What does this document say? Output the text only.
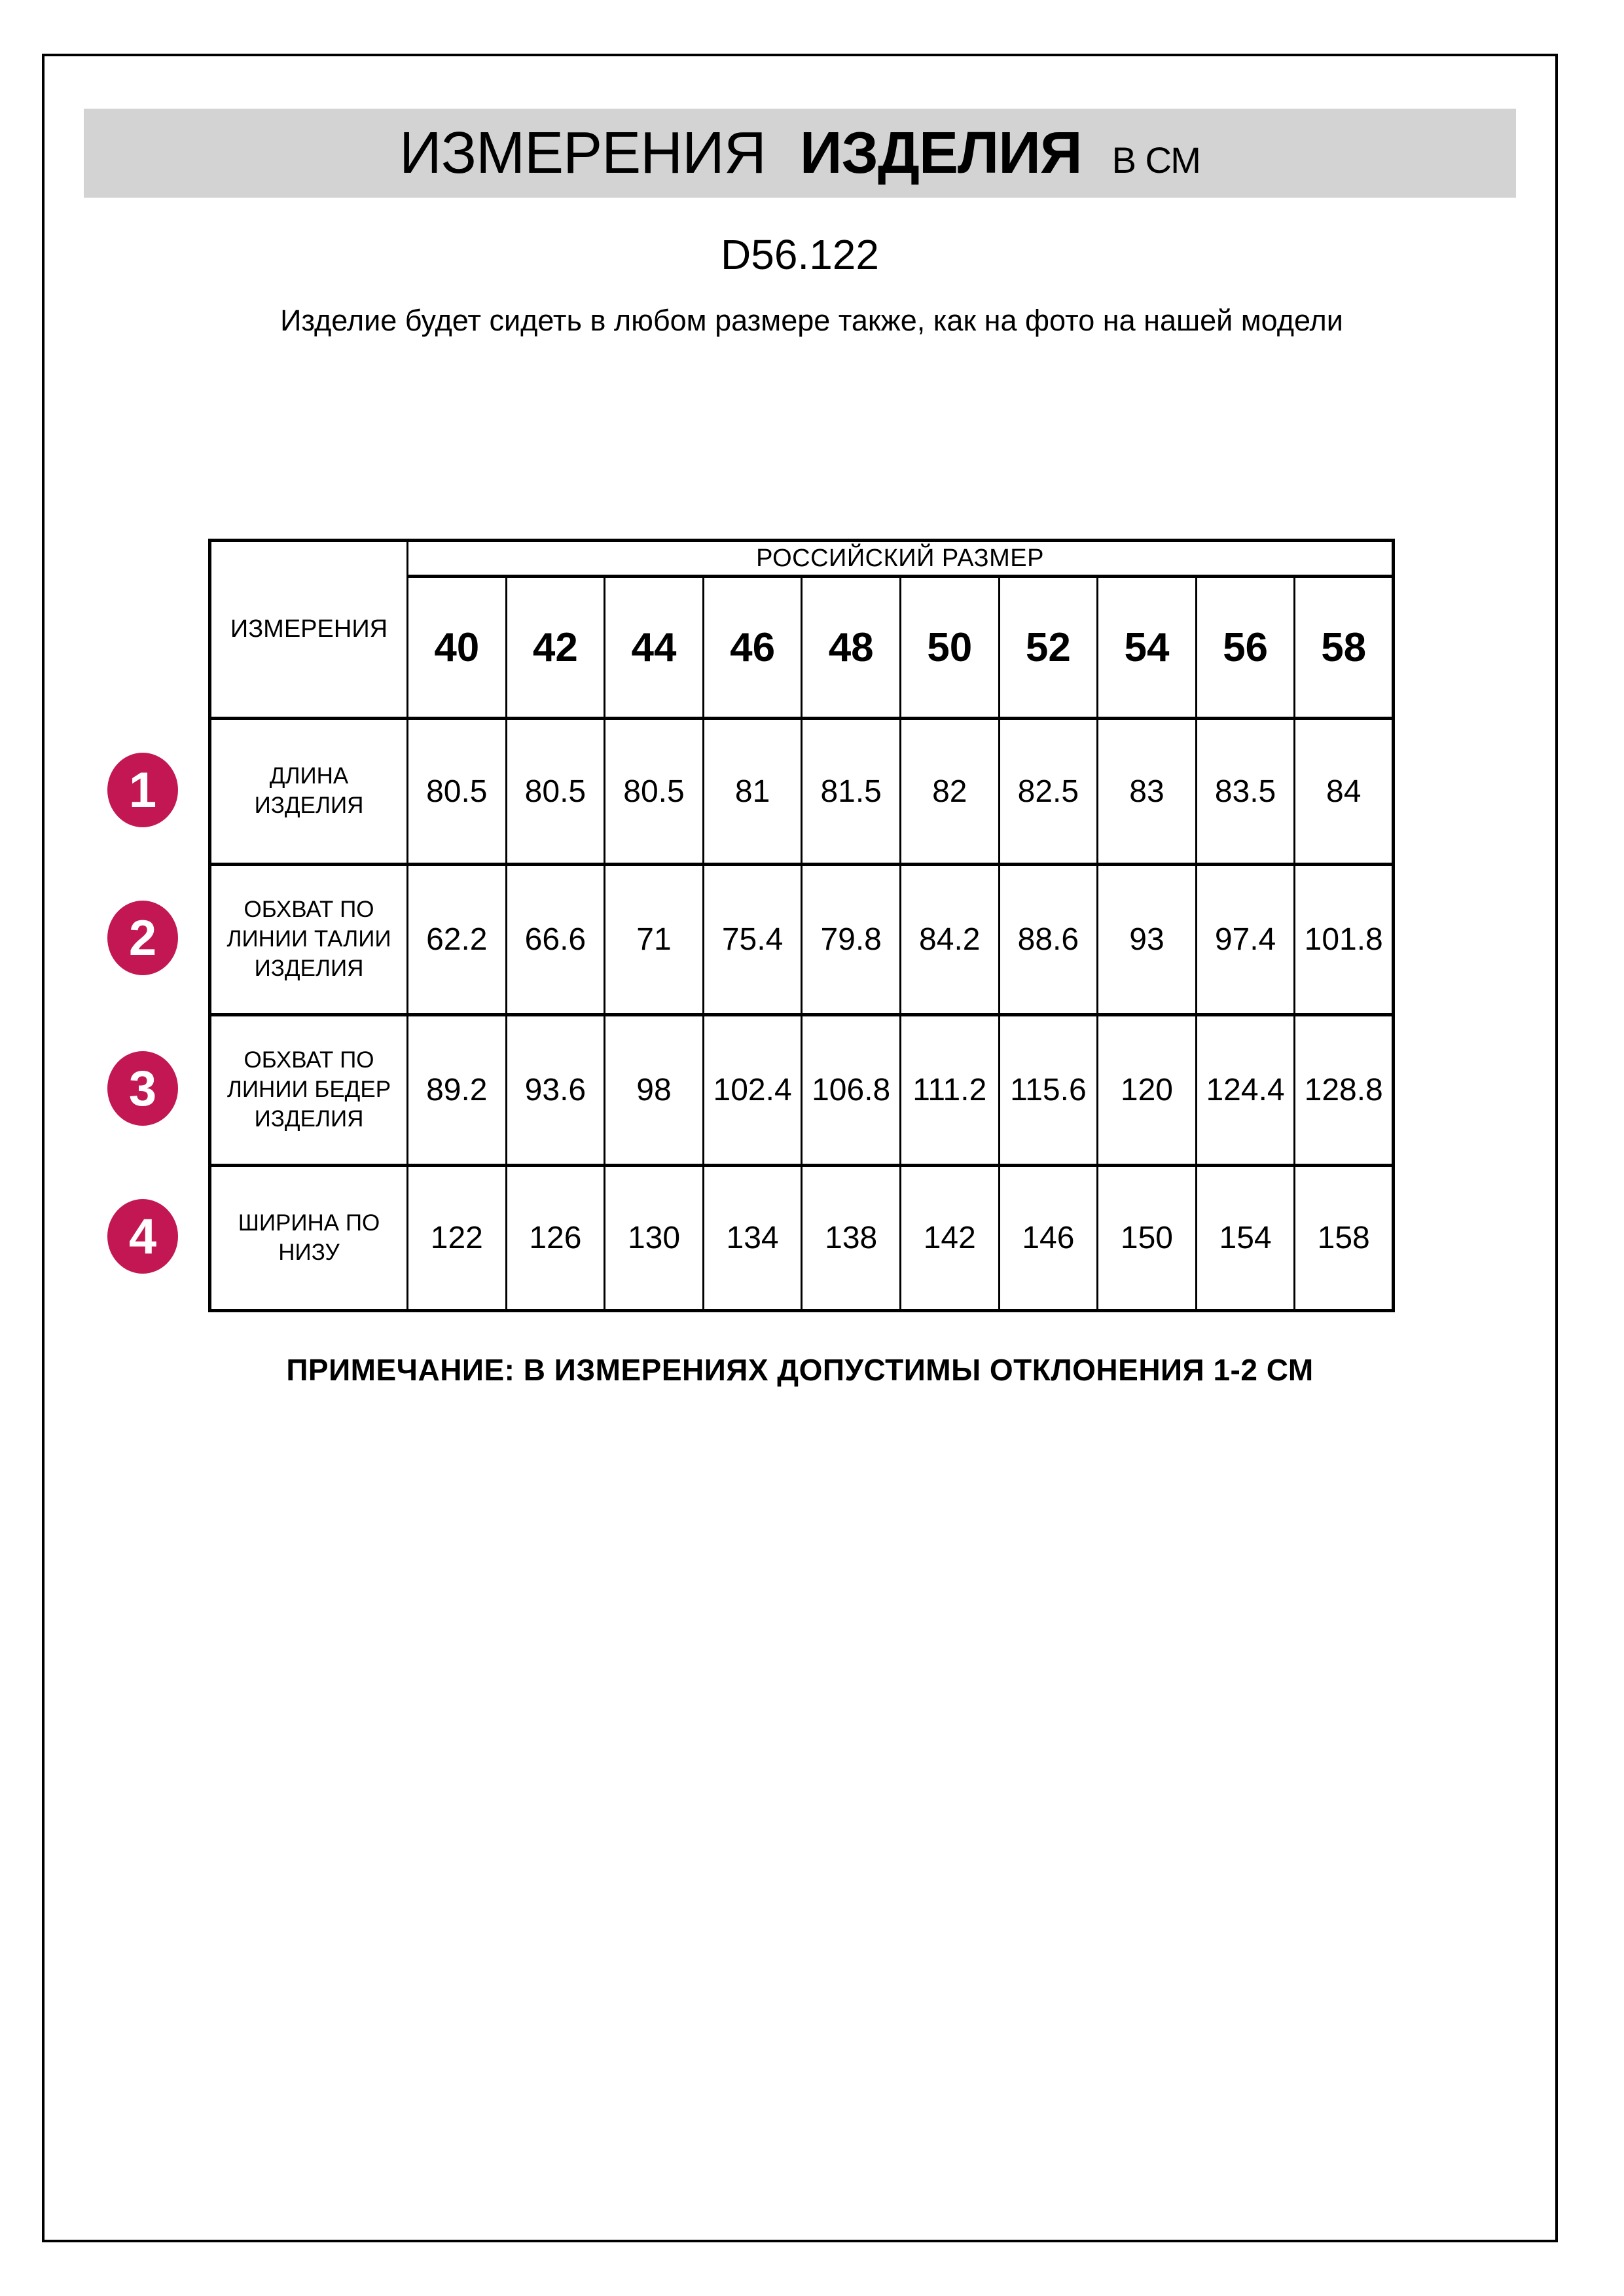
ИЗМЕРЕНИЯ ИЗДЕЛИЯ В СМ
D56.122
Изделие будет сидеть в любом размере также, как на фото на нашей модели
ИЗМЕРЕНИЯ	РОССИЙСКИЙ РАЗМЕР									
	40	42	44	46	48	50	52	54	56	58
ДЛИНА ИЗДЕЛИЯ	80.5	80.5	80.5	81	81.5	82	82.5	83	83.5	84
ОБХВАТ ПО ЛИНИИ ТАЛИИ ИЗДЕЛИЯ	62.2	66.6	71	75.4	79.8	84.2	88.6	93	97.4	101.8
ОБХВАТ ПО ЛИНИИ БЕДЕР ИЗДЕЛИЯ	89.2	93.6	98	102.4	106.8	111.2	115.6	120	124.4	128.8
ШИРИНА ПО НИЗУ	122	126	130	134	138	142	146	150	154	158
1
2
3
4
ПРИМЕЧАНИЕ: В ИЗМЕРЕНИЯХ ДОПУСТИМЫ ОТКЛОНЕНИЯ 1-2 СМ
